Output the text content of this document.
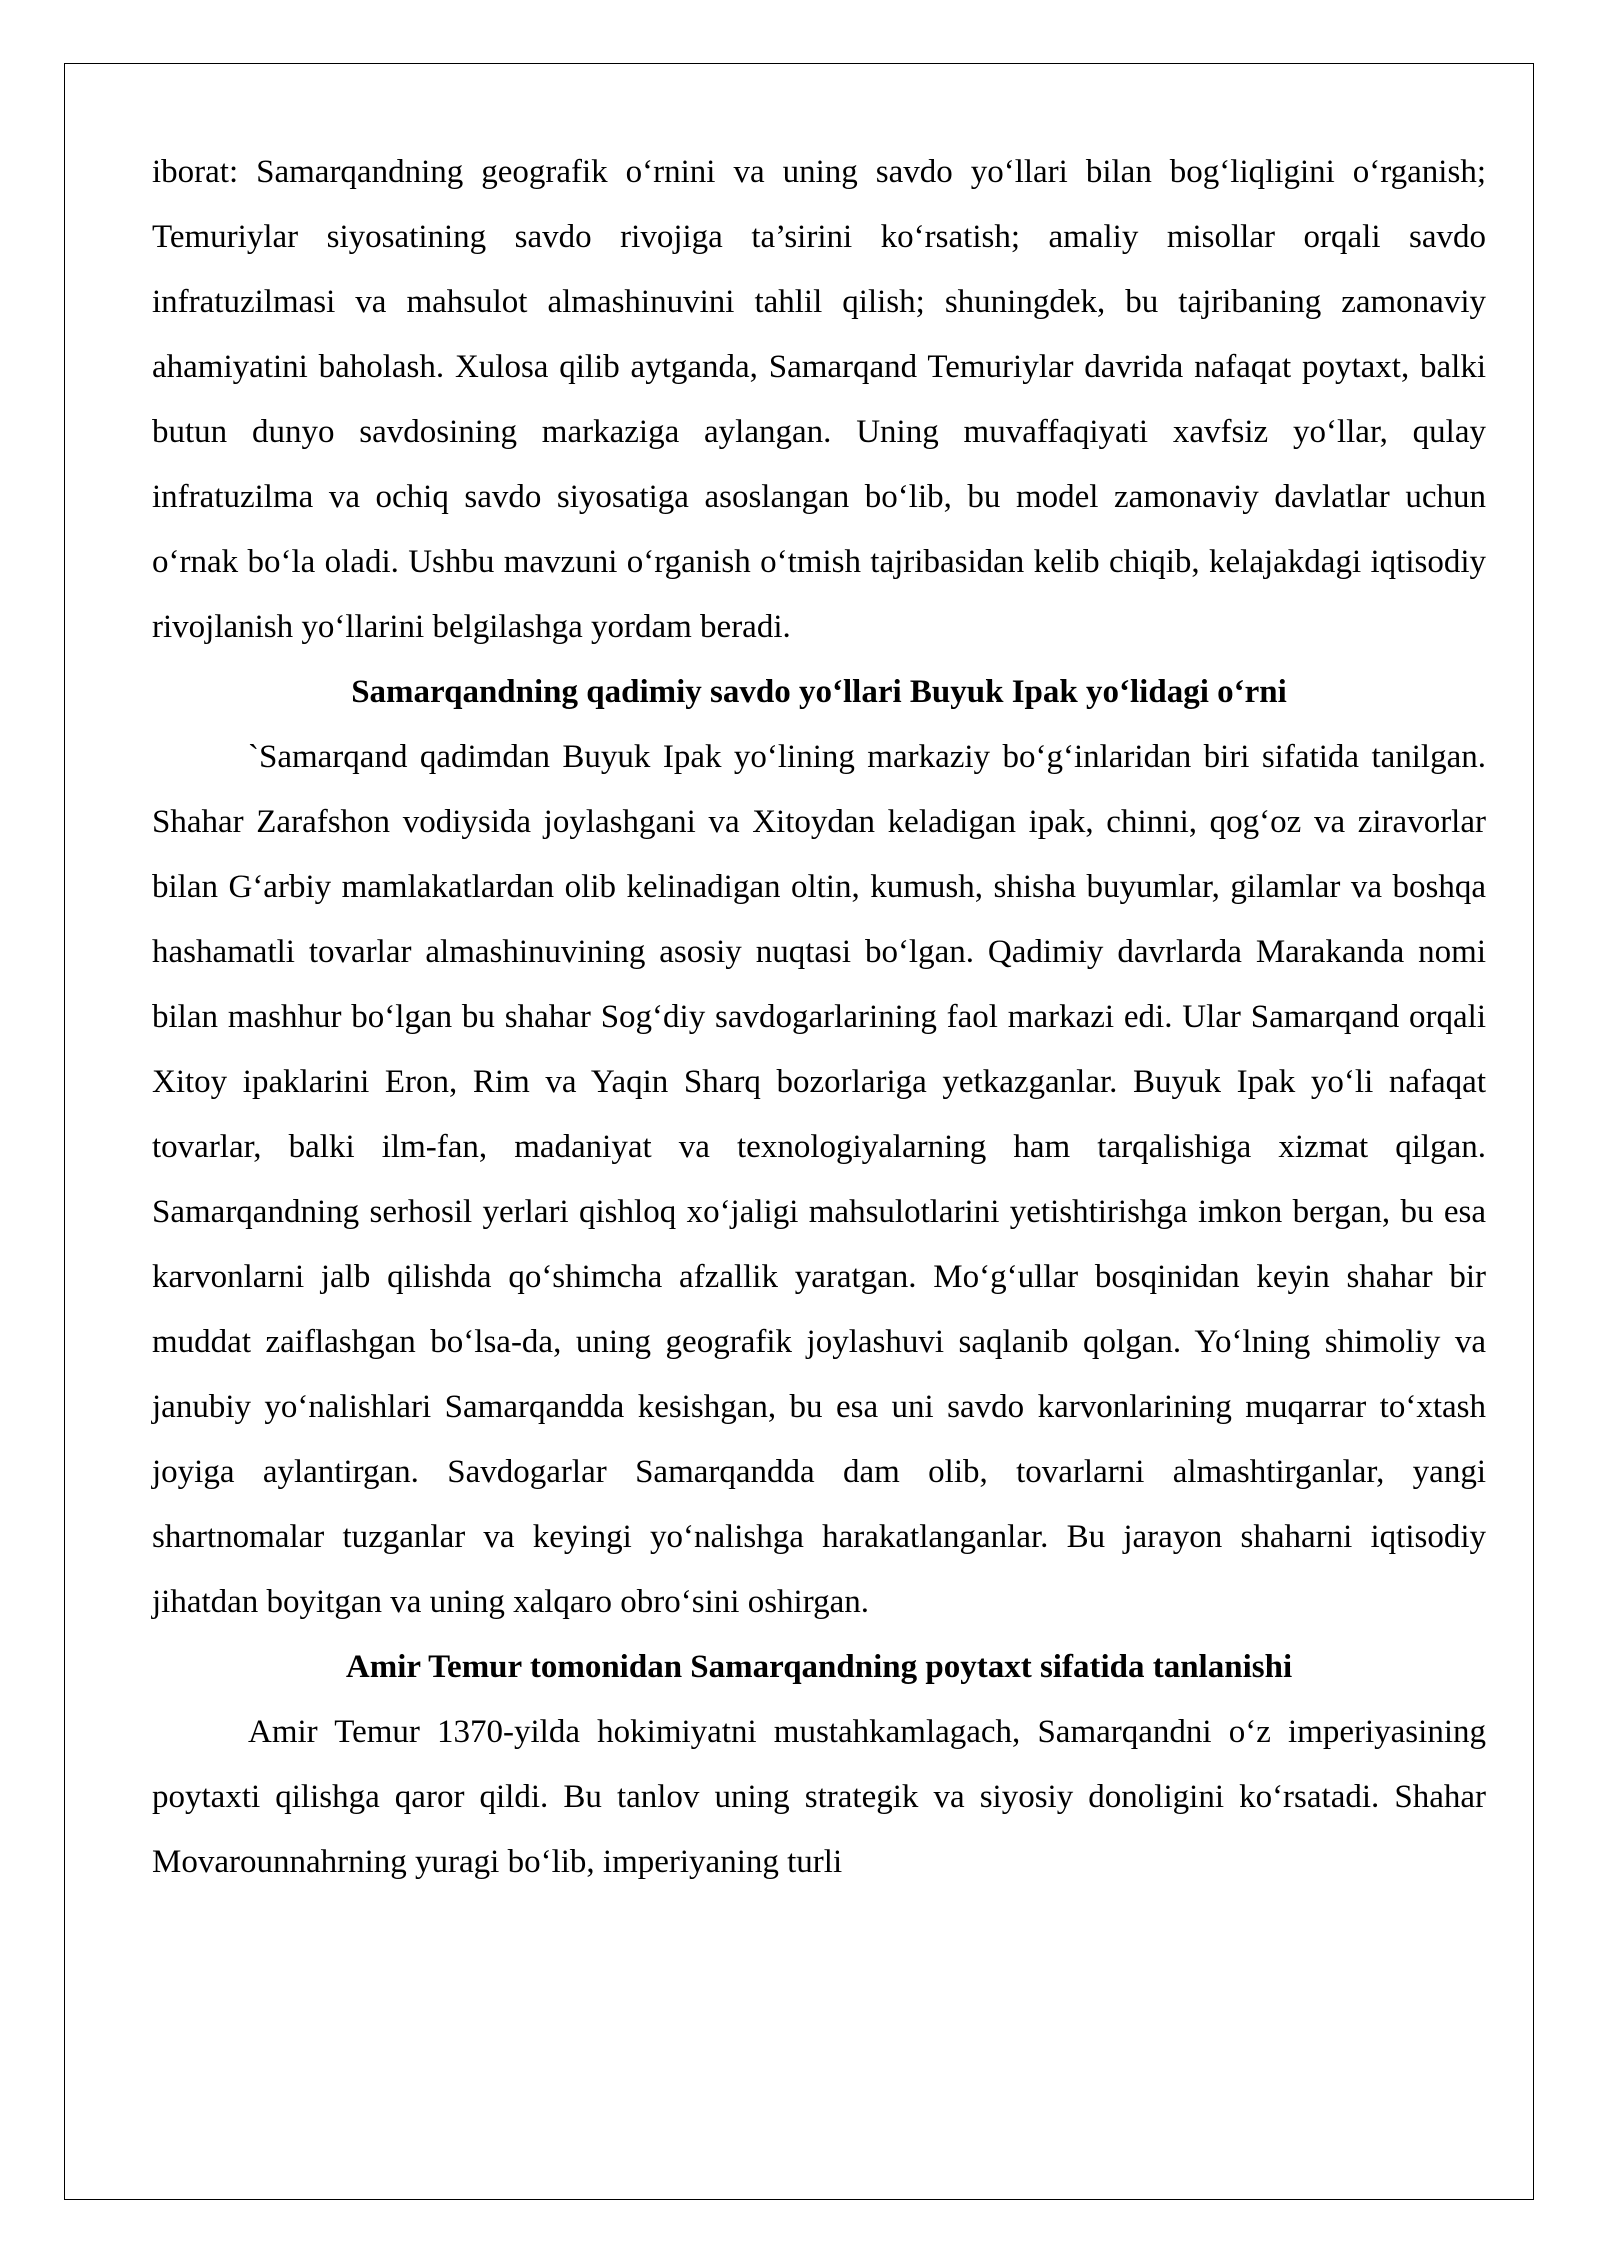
iborat: Samarqandning geografik o‘rnini va uning savdo yo‘llari bilan bog‘liqligini o‘rganish; Temuriylar siyosatining savdo rivojiga ta’sirini ko‘rsatish; amaliy misollar orqali savdo infratuzilmasi va mahsulot almashinuvini tahlil qilish; shuningdek, bu tajribaning zamonaviy ahamiyatini baholash. Xulosa qilib aytganda, Samarqand Temuriylar davrida nafaqat poytaxt, balki butun dunyo savdosining markaziga aylangan. Uning muvaffaqiyati xavfsiz yo‘llar, qulay infratuzilma va ochiq savdo siyosatiga asoslangan bo‘lib, bu model zamonaviy davlatlar uchun o‘rnak bo‘la oladi. Ushbu mavzuni o‘rganish o‘tmish tajribasidan kelib chiqib, kelajakdagi iqtisodiy rivojlanish yo‘llarini belgilashga yordam beradi.

Samarqandning qadimiy savdo yo‘llari Buyuk Ipak yo‘lidagi o‘rni

`Samarqand qadimdan Buyuk Ipak yo‘lining markaziy bo‘g‘inlaridan biri sifatida tanilgan. Shahar Zarafshon vodiysida joylashgani va Xitoydan keladigan ipak, chinni, qog‘oz va ziravorlar bilan G‘arbiy mamlakatlardan olib kelinadigan oltin, kumush, shisha buyumlar, gilamlar va boshqa hashamatli tovarlar almashinuvining asosiy nuqtasi bo‘lgan. Qadimiy davrlarda Marakanda nomi bilan mashhur bo‘lgan bu shahar Sog‘diy savdogarlarining faol markazi edi. Ular Samarqand orqali Xitoy ipaklarini Eron, Rim va Yaqin Sharq bozorlariga yetkazganlar. Buyuk Ipak yo‘li nafaqat tovarlar, balki ilm-fan, madaniyat va texnologiyalarning ham tarqalishiga xizmat qilgan. Samarqandning serhosil yerlari qishloq xo‘jaligi mahsulotlarini yetishtirishga imkon bergan, bu esa karvonlarni jalb qilishda qo‘shimcha afzallik yaratgan. Mo‘g‘ullar bosqinidan keyin shahar bir muddat zaiflashgan bo‘lsa-da, uning geografik joylashuvi saqlanib qolgan. Yo‘lning shimoliy va janubiy yo‘nalishlari Samarqandda kesishgan, bu esa uni savdo karvonlarining muqarrar to‘xtash joyiga aylantirgan. Savdogarlar Samarqandda dam olib, tovarlarni almashtirganlar, yangi shartnomalar tuzganlar va keyingi yo‘nalishga harakatlanganlar. Bu jarayon shaharni iqtisodiy jihatdan boyitgan va uning xalqaro obro‘sini oshirgan.

Amir Temur tomonidan Samarqandning poytaxt sifatida tanlanishi

Amir Temur 1370-yilda hokimiyatni mustahkamlagach, Samarqandni o‘z imperiyasining poytaxti qilishga qaror qildi. Bu tanlov uning strategik va siyosiy donoligini ko‘rsatadi. Shahar Movarounnahrning yuragi bo‘lib, imperiyaning turli
